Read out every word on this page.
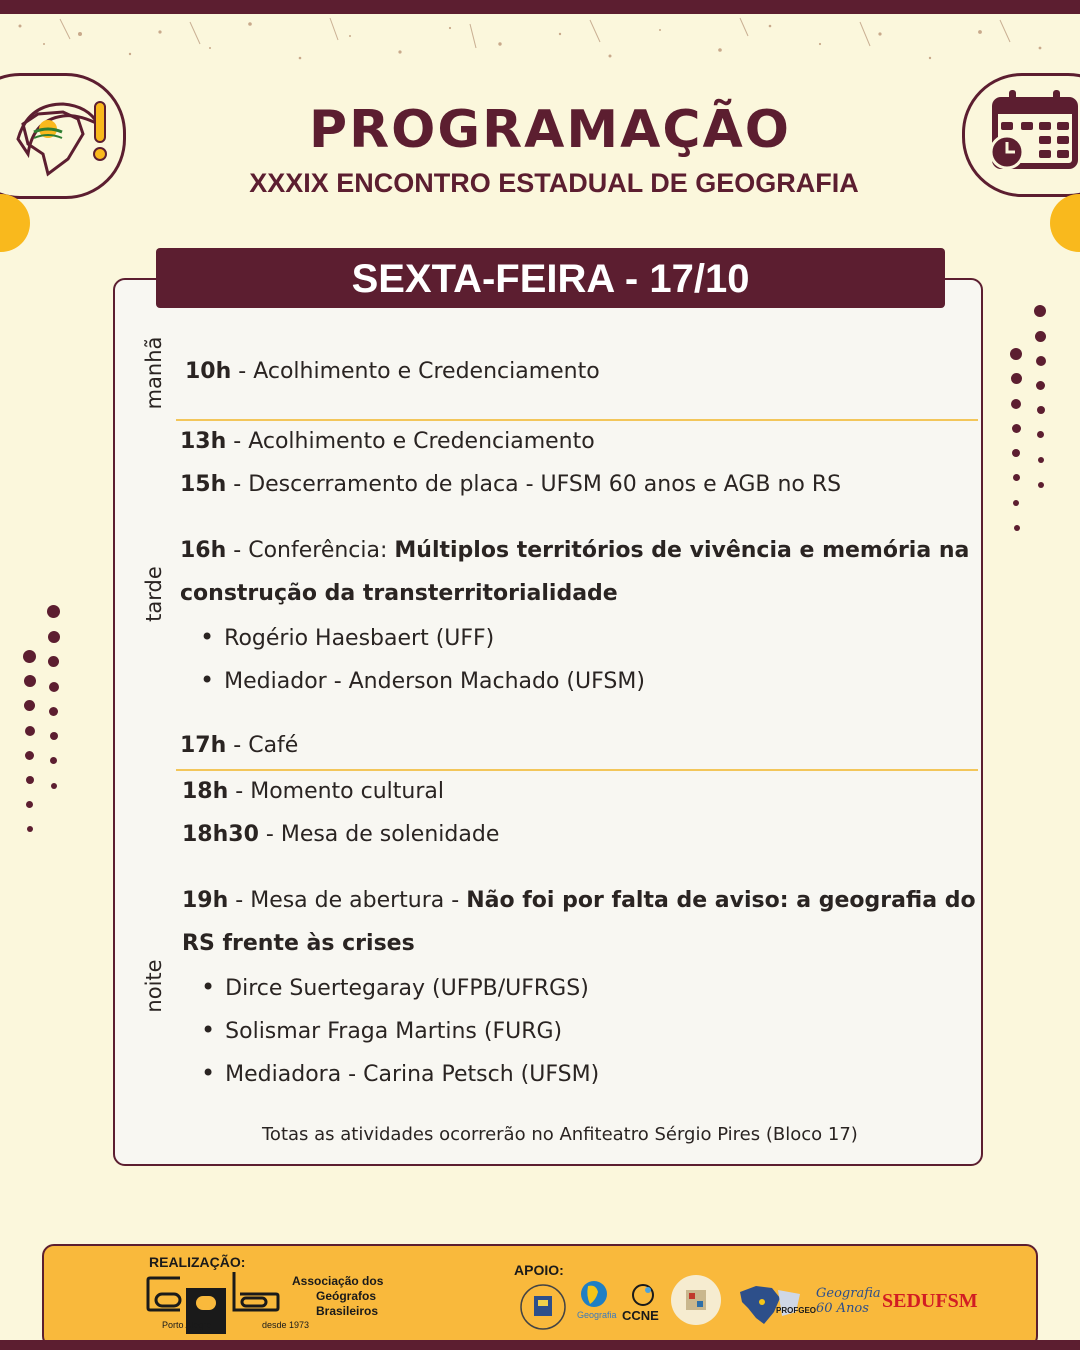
PROGRAMAÇÃO
XXXIX ENCONTRO ESTADUAL DE GEOGRAFIA
SEXTA-FEIRA - 17/10
manhã
tarde
noite
10h - Acolhimento e Credenciamento
13h - Acolhimento e Credenciamento
15h - Descerramento de placa - UFSM 60 anos e AGB no RS
16h - Conferência: Múltiplos territórios de vivência e memória na
construção da transterritorialidade
• Rogério Haesbaert (UFF)
• Mediador - Anderson Machado (UFSM)
17h - Café
18h - Momento cultural
18h30 - Mesa de solenidade
19h - Mesa de abertura - Não foi por falta de aviso: a geografia do
RS frente às crises
• Dirce Suertegaray (UFPB/UFRGS)
• Solismar Fraga Martins (FURG)
• Mediadora - Carina Petsch (UFSM)
Totas as atividades ocorrerão no Anfiteatro Sérgio Pires (Bloco 17)
REALIZAÇÃO:
Associação dos
Geógrafos
Brasileiros
Porto Alegre	desde 1973
APOIO:
Geografia CCNE	PROFGEO
Geografia
60 Anos SEDUFSM
